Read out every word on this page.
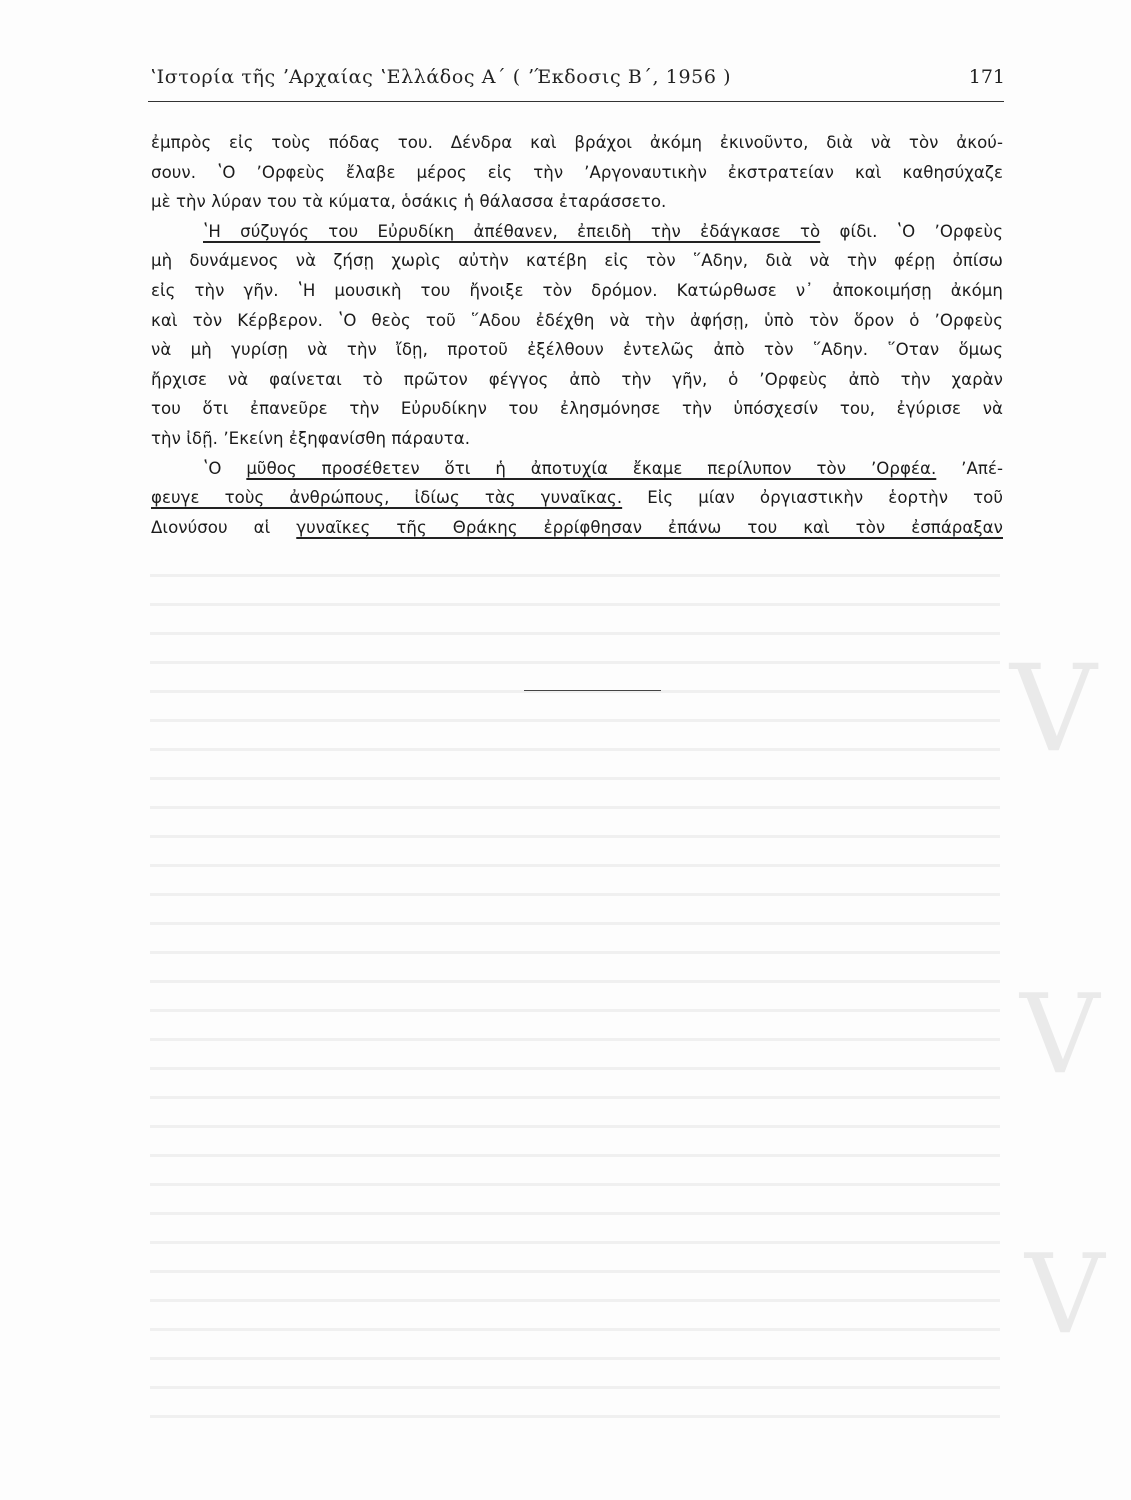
V
V
V
ʽΙστορία τῆς ʼΑρχαίας ʽΕλλάδος Α΄ ( ʼΈκδοσις Β΄, 1956 )	171

ἐμπρὸς εἰς τοὺς πόδας του. Δένδρα καὶ βράχοι ἀκόμη ἐκινοῦντο, διὰ νὰ τὸν ἀκού-
σουν. ʽΟ ʼΟρφεὺς ἔλαβε μέρος εἰς τὴν ʼΑργοναυτικὴν ἐκστρατείαν καὶ καθησύχαζε
μὲ τὴν λύραν του τὰ κύματα, ὁσάκις ἡ θάλασσα ἐταράσσετο.

ʽΗ σύζυγός του Εὐρυδίκη ἀπέθανεν, ἐπειδὴ τὴν ἐδάγκασε τὸ φίδι. ʽΟ ʼΟρφεὺς
μὴ δυνάμενος νὰ ζήσῃ χωρὶς αὐτὴν κατέβη εἰς τὸν ῞Αδην, διὰ νὰ τὴν φέρῃ ὀπίσω
εἰς τὴν γῆν. ʽΗ μουσικὴ του ἤνοιξε τὸν δρόμον. Κατώρθωσε ν᾽ ἀποκοιμήσῃ ἀκόμη
καὶ τὸν Κέρβερον. ʽΟ θεὸς τοῦ ῞Αδου ἐδέχθη νὰ τὴν ἀφήσῃ, ὑπὸ τὸν ὅρον ὁ ʼΟρφεὺς
νὰ μὴ γυρίσῃ νὰ τὴν ἴδῃ, προτοῦ ἐξέλθουν ἐντελῶς ἀπὸ τὸν ῞Αδην. ῞Οταν ὅμως
ἤρχισε νὰ φαίνεται τὸ πρῶτον φέγγος ἀπὸ τὴν γῆν, ὁ ʼΟρφεὺς ἀπὸ τὴν χαρὰν
του ὅτι ἐπανεῦρε τὴν Εὐρυδίκην του ἐλησμόνησε τὴν ὑπόσχεσίν του, ἐγύρισε νὰ
τὴν ἰδῇ. ʼΕκείνη ἐξηφανίσθη πάραυτα.

ʽΟ μῦθος προσέθετεν ὅτι ἡ ἀποτυχία ἔκαμε περίλυπον τὸν ʼΟρφέα. ʼΑπέ-
φευγε τοὺς ἀνθρώπους, ἰδίως τὰς γυναῖκας. Εἰς μίαν ὀργιαστικὴν ἑορτὴν τοῦ
Διονύσου αἱ γυναῖκες τῆς Θράκης ἐρρίφθησαν ἐπάνω του καὶ τὸν ἐσπάραξαν
